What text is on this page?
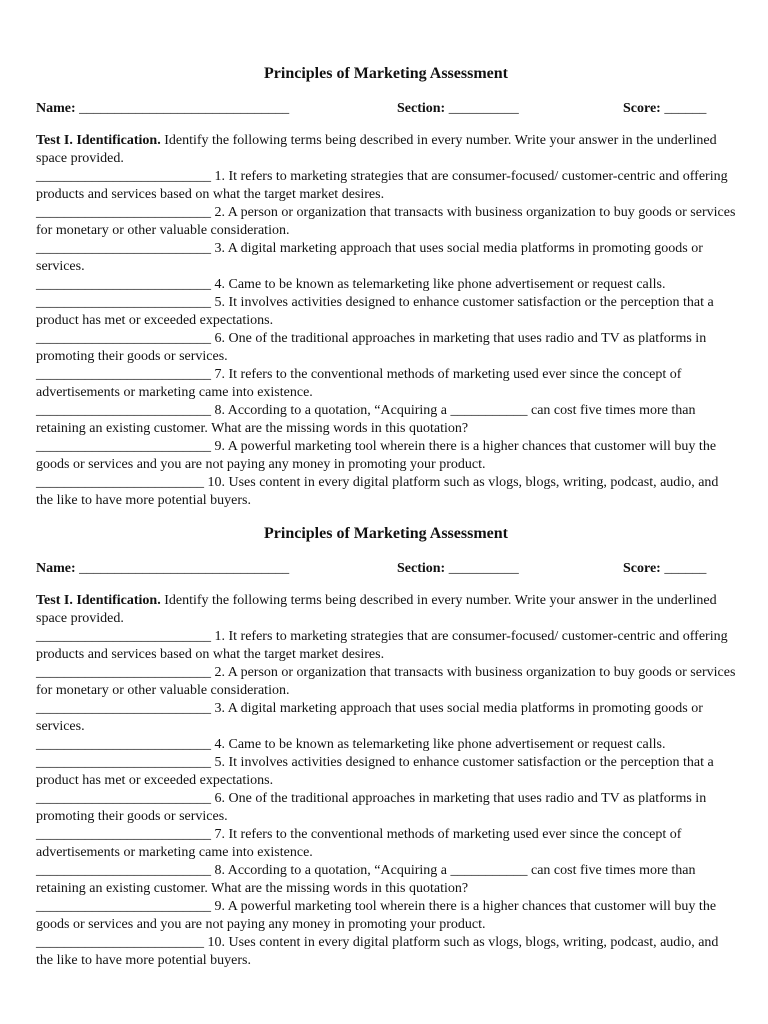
Principles of Marketing Assessment
Name: ______________________________	Section: __________	Score: ______
Test I. Identification. Identify the following terms being described in every number. Write your answer in the underlined space provided.
_________________________ 1. It refers to marketing strategies that are consumer-focused/ customer-centric and offering products and services based on what the target market desires.
_________________________ 2. A person or organization that transacts with business organization to buy goods or services for monetary or other valuable consideration.
_________________________ 3. A digital marketing approach that uses social media platforms in promoting goods or services.
_________________________ 4. Came to be known as telemarketing like phone advertisement or request calls.
_________________________ 5. It involves activities designed to enhance customer satisfaction or the perception that a product has met or exceeded expectations.
_________________________ 6. One of the traditional approaches in marketing that uses radio and TV as platforms in promoting their goods or services.
_________________________ 7. It refers to the conventional methods of marketing used ever since the concept of advertisements or marketing came into existence.
_________________________ 8. According to a quotation, “Acquiring a ___________ can cost five times more than retaining an existing customer. What are the missing words in this quotation?
_________________________ 9. A powerful marketing tool wherein there is a higher chances that customer will buy the goods or services and you are not paying any money in promoting your product.
________________________ 10. Uses content in every digital platform such as vlogs, blogs, writing, podcast, audio, and the like to have more potential buyers.
Principles of Marketing Assessment
Name: ______________________________	Section: __________	Score: ______
Test I. Identification. Identify the following terms being described in every number. Write your answer in the underlined space provided.
_________________________ 1. It refers to marketing strategies that are consumer-focused/ customer-centric and offering products and services based on what the target market desires.
_________________________ 2. A person or organization that transacts with business organization to buy goods or services for monetary or other valuable consideration.
_________________________ 3. A digital marketing approach that uses social media platforms in promoting goods or services.
_________________________ 4. Came to be known as telemarketing like phone advertisement or request calls.
_________________________ 5. It involves activities designed to enhance customer satisfaction or the perception that a product has met or exceeded expectations.
_________________________ 6. One of the traditional approaches in marketing that uses radio and TV as platforms in promoting their goods or services.
_________________________ 7. It refers to the conventional methods of marketing used ever since the concept of advertisements or marketing came into existence.
_________________________ 8. According to a quotation, “Acquiring a ___________ can cost five times more than retaining an existing customer. What are the missing words in this quotation?
_________________________ 9. A powerful marketing tool wherein there is a higher chances that customer will buy the goods or services and you are not paying any money in promoting your product.
________________________ 10. Uses content in every digital platform such as vlogs, blogs, writing, podcast, audio, and the like to have more potential buyers.
